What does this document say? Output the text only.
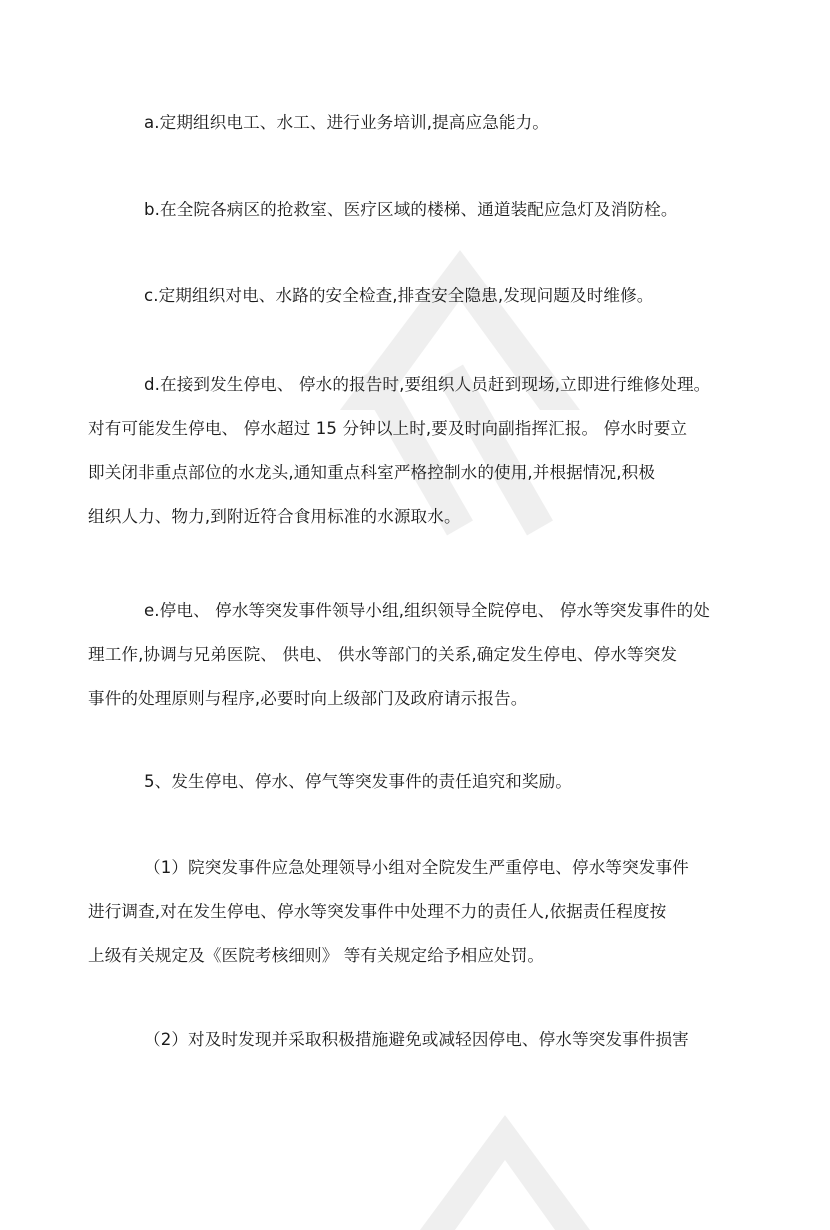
a.定期组织电工、水工、进行业务培训,提高应急能力。
b.在全院各病区的抢救室、医疗区域的楼梯、通道装配应急灯及消防栓。
c.定期组织对电、水路的安全检查,排查安全隐患,发现问题及时维修。
d.在接到发生停电、 停水的报告时,要组织人员赶到现场,立即进行维修处理。
对有可能发生停电、 停水超过 15 分钟以上时,要及时向副指挥汇报。 停水时要立
即关闭非重点部位的水龙头,通知重点科室严格控制水的使用,并根据情况,积极
组织人力、物力,到附近符合食用标准的水源取水。
e.停电、 停水等突发事件领导小组,组织领导全院停电、 停水等突发事件的处
理工作,协调与兄弟医院、 供电、 供水等部门的关系,确定发生停电、停水等突发
事件的处理原则与程序,必要时向上级部门及政府请示报告。
5、发生停电、停水、停气等突发事件的责任追究和奖励。
（1）院突发事件应急处理领导小组对全院发生严重停电、停水等突发事件
进行调查,对在发生停电、停水等突发事件中处理不力的责任人,依据责任程度按
上级有关规定及《医院考核细则》 等有关规定给予相应处罚。
（2）对及时发现并采取积极措施避免或减轻因停电、停水等突发事件损害
